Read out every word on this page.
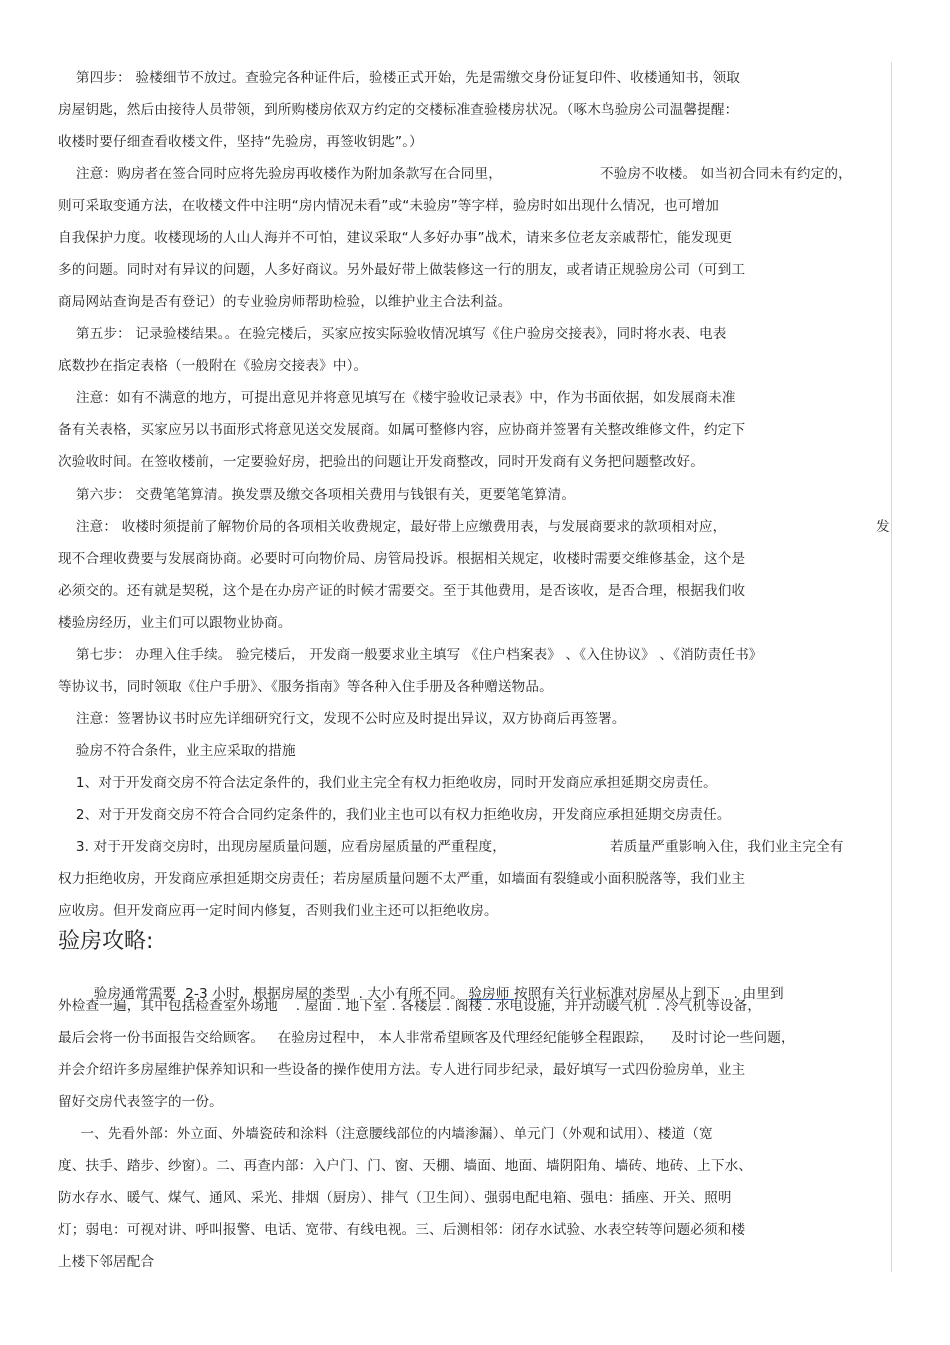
第四步： 验楼细节不放过。查验完各种证件后，验楼正式开始，先是需缴交身份证复印件、收楼通知书，领取
房屋钥匙，然后由接待人员带领，到所购楼房依双方约定的交楼标准查验楼房状况。（啄木鸟验房公司温馨提醒：
收楼时要仔细查看收楼文件，坚持“先验房，再签收钥匙”。）
注意：购房者在签合同时应将先验房再收楼作为附加条款写在合同里，	不验房不收楼。 如当初合同未有约定的，
则可采取变通方法，在收楼文件中注明“房内情况未看”或“未验房”等字样，验房时如出现什么情况，也可增加
自我保护力度。收楼现场的人山人海并不可怕，建议采取“人多好办事”战术，请来多位老友亲戚帮忙，能发现更
多的问题。同时对有异议的问题，人多好商议。另外最好带上做装修这一行的朋友，或者请正规验房公司（可到工
商局网站查询是否有登记）的专业验房师帮助检验，以维护业主合法利益。
第五步： 记录验楼结果。。在验完楼后，买家应按实际验收情况填写《住户验房交接表》，同时将水表、电表
底数抄在指定表格（一般附在《验房交接表》中）。
注意：如有不满意的地方，可提出意见并将意见填写在《楼宇验收记录表》中，作为书面依据，如发展商未准
备有关表格，买家应另以书面形式将意见送交发展商。如属可整修内容，应协商并签署有关整改维修文件，约定下
次验收时间。在签收楼前，一定要验好房，把验出的问题让开发商整改，同时开发商有义务把问题整改好。
第六步： 交费笔笔算清。换发票及缴交各项相关费用与钱银有关，更要笔笔算清。
注意： 收楼时须提前了解物价局的各项相关收费规定，最好带上应缴费用表，与发展商要求的款项相对应，	发
现不合理收费要与发展商协商。必要时可向物价局、房管局投诉。根据相关规定，收楼时需要交维修基金，这个是
必须交的。还有就是契税，这个是在办房产证的时候才需要交。至于其他费用，是否该收，是否合理，根据我们收
楼验房经历，业主们可以跟物业协商。
第七步： 办理入住手续。 验完楼后， 开发商一般要求业主填写 《住户档案表》 、《入住协议》 、《消防责任书》
等协议书，同时领取《住户手册》、《服务指南》等各种入住手册及各种赠送物品。
注意：签署协议书时应先详细研究行文，发现不公时应及时提出异议，双方协商后再签署。
验房不符合条件，业主应采取的措施
1、对于开发商交房不符合法定条件的，我们业主完全有权力拒绝收房，同时开发商应承担延期交房责任。
2、对于开发商交房不符合合同约定条件的，我们业主也可以有权力拒绝收房，开发商应承担延期交房责任。
3. 对于开发商交房时，出现房屋质量问题，应看房屋质量的严重程度，	若质量严重影响入住，我们业主完全有
权力拒绝收房，开发商应承担延期交房责任；若房屋质量问题不太严重，如墙面有裂缝或小面积脱落等，我们业主
应收房。但开发商应再一定时间内修复，否则我们业主还可以拒绝收房。
验房攻略:

验房通常需要  2-3 小时，根据房屋的类型  . 大小有所不同。 验房师 按照有关行业标准对房屋从上到下   . 由里到

外检查一遍，其中包括检查室外场地    . 屋面 . 地下室 . 各楼层 . 阁楼 . 水电设施，并开动暖气机  . 冷气机等设备，
最后会将一份书面报告交给顾客。   在验房过程中， 本人非常希望顾客及代理经纪能够全程跟踪，    及时讨论一些问题，
并会介绍许多房屋维护保养知识和一些设备的操作使用方法。专人进行同步纪录，最好填写一式四份验房单，业主
留好交房代表签字的一份。
一、先看外部：外立面、外墙瓷砖和涂料（注意腰线部位的内墙渗漏）、单元门（外观和试用）、楼道（宽
度、扶手、踏步、纱窗）。二、再查内部：入户门、门、窗、天棚、墙面、地面、墙阴阳角、墙砖、地砖、上下水、
防水存水、暖气、煤气、通风、采光、排烟（厨房）、排气（卫生间）、强弱电配电箱、强电：插座、开关、照明
灯；弱电：可视对讲、呼叫报警、电话、宽带、有线电视。三、后测相邻：闭存水试验、水表空转等问题必须和楼
上楼下邻居配合
